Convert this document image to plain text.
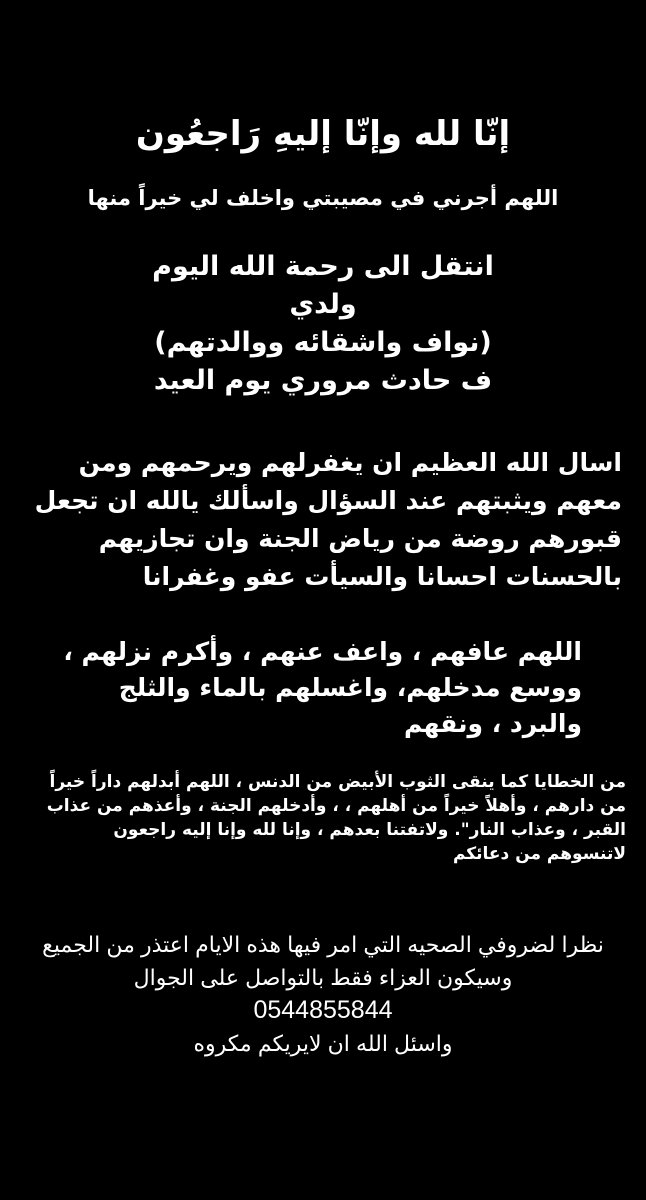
إنّا لله وإنّا إليهِ رَاجعُون

اللهم أجرني في مصيبتي واخلف لي خيراً منها

انتقل الى رحمة الله اليوم
ولدي
(نواف واشقائه ووالدتهم)
ف حادث مروري يوم العيد

اسال الله العظيم ان يغفرلهم ويرحمهم ومن معهم ويثبتهم عند السؤال واسألك يالله ان تجعل قبورهم روضة من رياض الجنة وان تجازيهم بالحسنات احسانا والسيأت عفو وغفرانا

اللهم عافهم ، واعف عنهم ، وأكرم نزلهم ، ووسع مدخلهم، واغسلهم بالماء والثلج والبرد ، ونقهم

من الخطايا كما ينقى الثوب الأبيض من الدنس ، اللهم أبدلهم داراً خيراً من دارهم ، وأهلاً خيراً من أهلهم ، ، وأدخلهم الجنة ، وأعذهم من عذاب القبر ، وعذاب النار". ولاتفتنا بعدهم ، وإنا لله وإنا إليه راجعون
لاتنسوهم من دعائكم
نظرا لضروفي الصحيه التي امر فيها هذه الايام اعتذر من الجميع
وسيكون العزاء فقط بالتواصل على الجوال
0544855844
واسئل الله ان لايريكم مكروه
